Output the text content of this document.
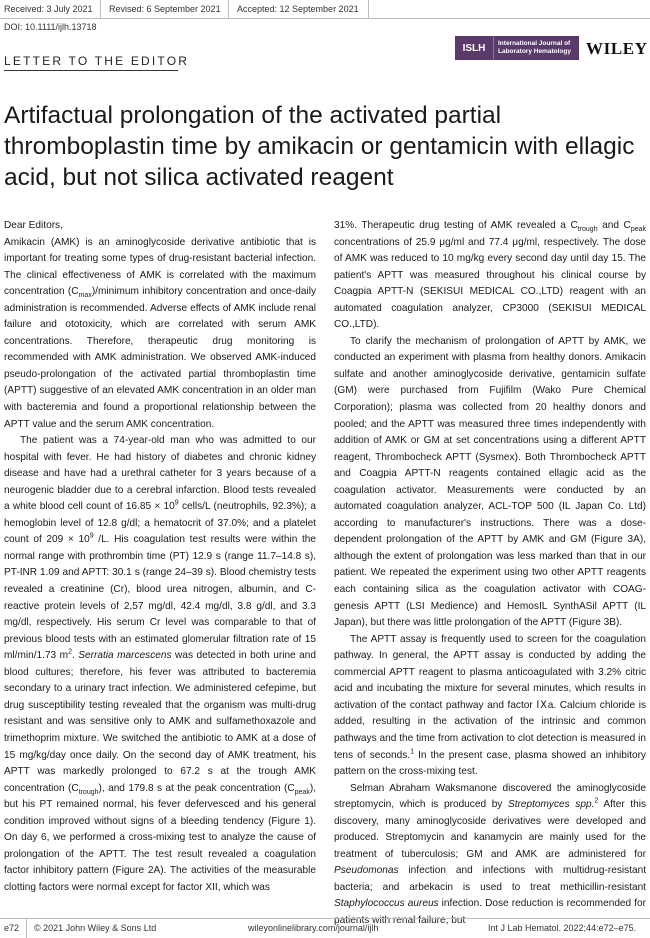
Received: 3 July 2021 Revised: 6 September 2021 Accepted: 12 September 2021
DOI: 10.1111/ijlh.13718
LETTER TO THE EDITOR
ISLH	International Journal of
Laboratory Hematology WILEY
Artifactual prolongation of the activated partial thromboplastin time by amikacin or gentamicin with ellagic acid, but not silica activated reagent

Dear Editors,

Amikacin (AMK) is an aminoglycoside derivative antibiotic that is important for treating some types of drug-resistant bacterial infection. The clinical effectiveness of AMK is correlated with the maximum concentration $(C_{max})$/minimum inhibitory concentration and once-daily administration is recommended. Adverse effects of AMK include renal failure and ototoxicity, which are correlated with serum AMK concentrations. Therefore, therapeutic drug monitoring is recommended with AMK administration. We observed AMK-induced pseudo-prolongation of the activated partial thromboplastin time (APTT) suggestive of an elevated AMK concentration in an older man with bacteremia and found a proportional relationship between the APTT value and the serum AMK concentration.

The patient was a 74-year-old man who was admitted to our hospital with fever. He had history of diabetes and chronic kidney disease and have had a urethral catheter for 3 years because of a neurogenic bladder due to a cerebral infarction. Blood tests revealed a white blood cell count of $16.85 \times 10^9$ cells/L (neutrophils, 92.3%); a hemoglobin level of 12.8 g/dl; a hematocrit of 37.0%; and a platelet count of $209 \times 10^9$ /L. His coagulation test results were within the normal range with prothrombin time (PT) 12.9 s (range 11.7–14.8 s), PT-INR 1.09 and APTT: 30.1 s (range 24–39 s). Blood chemistry tests revealed a creatinine (Cr), blood urea nitrogen, albumin, and C-reactive protein levels of 2,57 mg/dl, 42.4 mg/dl, 3.8 g/dl, and 3.3 mg/dl, respectively. His serum Cr level was comparable to that of previous blood tests with an estimated glomerular filtration rate of 15 ml/min/1.73 $m^2$. Serratia marcescens was detected in both urine and blood cultures; therefore, his fever was attributed to bacteremia secondary to a urinary tract infection. We administered cefepime, but drug susceptibility testing revealed that the organism was multi-drug resistant and was sensitive only to AMK and sulfamethoxazole and trimethoprim mixture. We switched the antibiotic to AMK at a dose of 15 mg/kg/day once daily. On the second day of AMK treatment, his APTT was markedly prolonged to 67.2 s at the trough AMK concentration $(C_{trough})$, and 179.8 s at the peak concentration $(C_{peak})$, but his PT remained normal, his fever defervesced and his general condition improved without signs of a bleeding tendency (Figure 1). On day 6, we performed a cross-mixing test to analyze the cause of prolongation of the APTT. The test result revealed a coagulation factor inhibitory pattern (Figure 2A). The activities of the measurable clotting factors were normal except for factor XII, which was

31%. Therapeutic drug testing of AMK revealed a $C_{trough}$ and $C_{peak}$ concentrations of 25.9 μg/ml and 77.4 μg/ml, respectively. The dose of AMK was reduced to 10 mg/kg every second day until day 15. The patient's APTT was measured throughout his clinical course by Coagpia APTT-N (SEKISUI MEDICAL CO.,LTD) reagent with an automated coagulation analyzer, CP3000 (SEKISUI MEDICAL CO.,LTD).

To clarify the mechanism of prolongation of APTT by AMK, we conducted an experiment with plasma from healthy donors. Amikacin sulfate and another aminoglycoside derivative, gentamicin sulfate (GM) were purchased from Fujifilm (Wako Pure Chemical Corporation); plasma was collected from 20 healthy donors and pooled; and the APTT was measured three times independently with addition of AMK or GM at set concentrations using a different APTT reagent, Thrombocheck APTT (Sysmex). Both Thrombocheck APTT and Coagpia APTT-N reagents contained ellagic acid as the coagulation activator. Measurements were conducted by an automated coagulation analyzer, ACL-TOP 500 (IL Japan Co. Ltd) according to manufacturer's instructions. There was a dose-dependent prolongation of the APTT by AMK and GM (Figure 3A), although the extent of prolongation was less marked than that in our patient. We repeated the experiment using two other APTT reagents each containing silica as the coagulation activator with COAG-genesis APTT (LSI Medience) and HemosIL SynthASil APTT (IL Japan), but there was little prolongation of the APTT (Figure 3B).

The APTT assay is frequently used to screen for the coagulation pathway. In general, the APTT assay is conducted by adding the commercial APTT reagent to plasma anticoagulated with 3.2% citric acid and incubating the mixture for several minutes, which results in activation of the contact pathway and factor ⅠⅩa. Calcium chloride is added, resulting in the activation of the intrinsic and common pathways and the time from activation to clot detection is measured in tens of seconds.$^1$ In the present case, plasma showed an inhibitory pattern on the cross-mixing test.

Selman Abraham Waksmanone discovered the aminoglycoside streptomycin, which is produced by Streptomyces spp.$^2$ After this discovery, many aminoglycoside derivatives were developed and produced. Streptomycin and kanamycin are mainly used for the treatment of tuberculosis; GM and AMK are administered for Pseudomonas infection and infections with multidrug-resistant bacteria; and arbekacin is used to treat methicillin-resistant Staphylococcus aureus infection. Dose reduction is recommended for patients with renal failure, but

e72 © 2021 John Wiley & Sons Ltd	wileyonlinelibrary.com/journal/ijlh	Int J Lab Hematol. 2022;44:e72–e75.
